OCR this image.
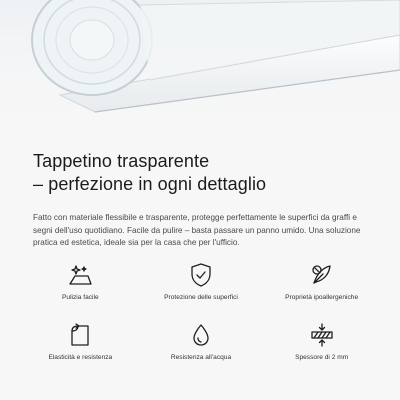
Tappetino trasparente
– perfezione in ogni dettaglio

Fatto con materiale flessibile e trasparente, protegge perfettamente le superfici da graffi e segni dell'uso quotidiano. Facile da pulire – basta passare un panno umido. Una soluzione pratica ed estetica, ideale sia per la casa che per l'ufficio.

Pulizia facile	Protezione delle superfici	Proprietà ipoallergeniche
Elasticità e resistenza	Resistenza all'acqua	Spessore di 2 mm
